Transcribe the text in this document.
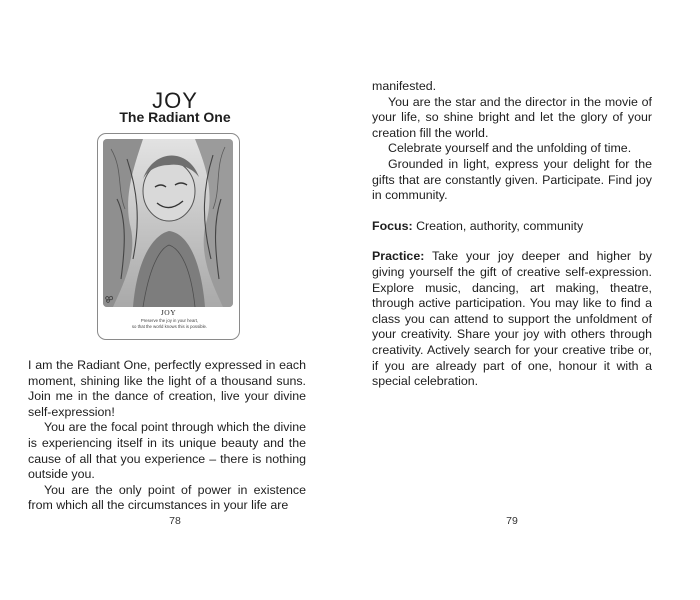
JOY
The Radiant One
JOY
Preserve the joy in your heart,
so that the world knows this is possible.

I am the Radiant One, perfectly expressed in each moment, shining like the light of a thousand suns. Join me in the dance of creation, live your divine self-expression!

You are the focal point through which the divine is experiencing itself in its unique beauty and the cause of all that you experience – there is nothing outside you.

You are the only point of power in existence from which all the circumstances in your life are

78

manifested.

You are the star and the director in the movie of your life, so shine bright and let the glory of your creation fill the world.

Celebrate yourself and the unfolding of time.

Grounded in light, express your delight for the gifts that are constantly given. Participate. Find joy in community.

Focus: Creation, authority, community

Practice: Take your joy deeper and higher by giving yourself the gift of creative self-expression. Explore music, dancing, art making, theatre, through active participation. You may like to find a class you can attend to support the unfoldment of your creativity. Share your joy with others through creativity. Actively search for your creative tribe or, if you are already part of one, honour it with a special celebration.

79
